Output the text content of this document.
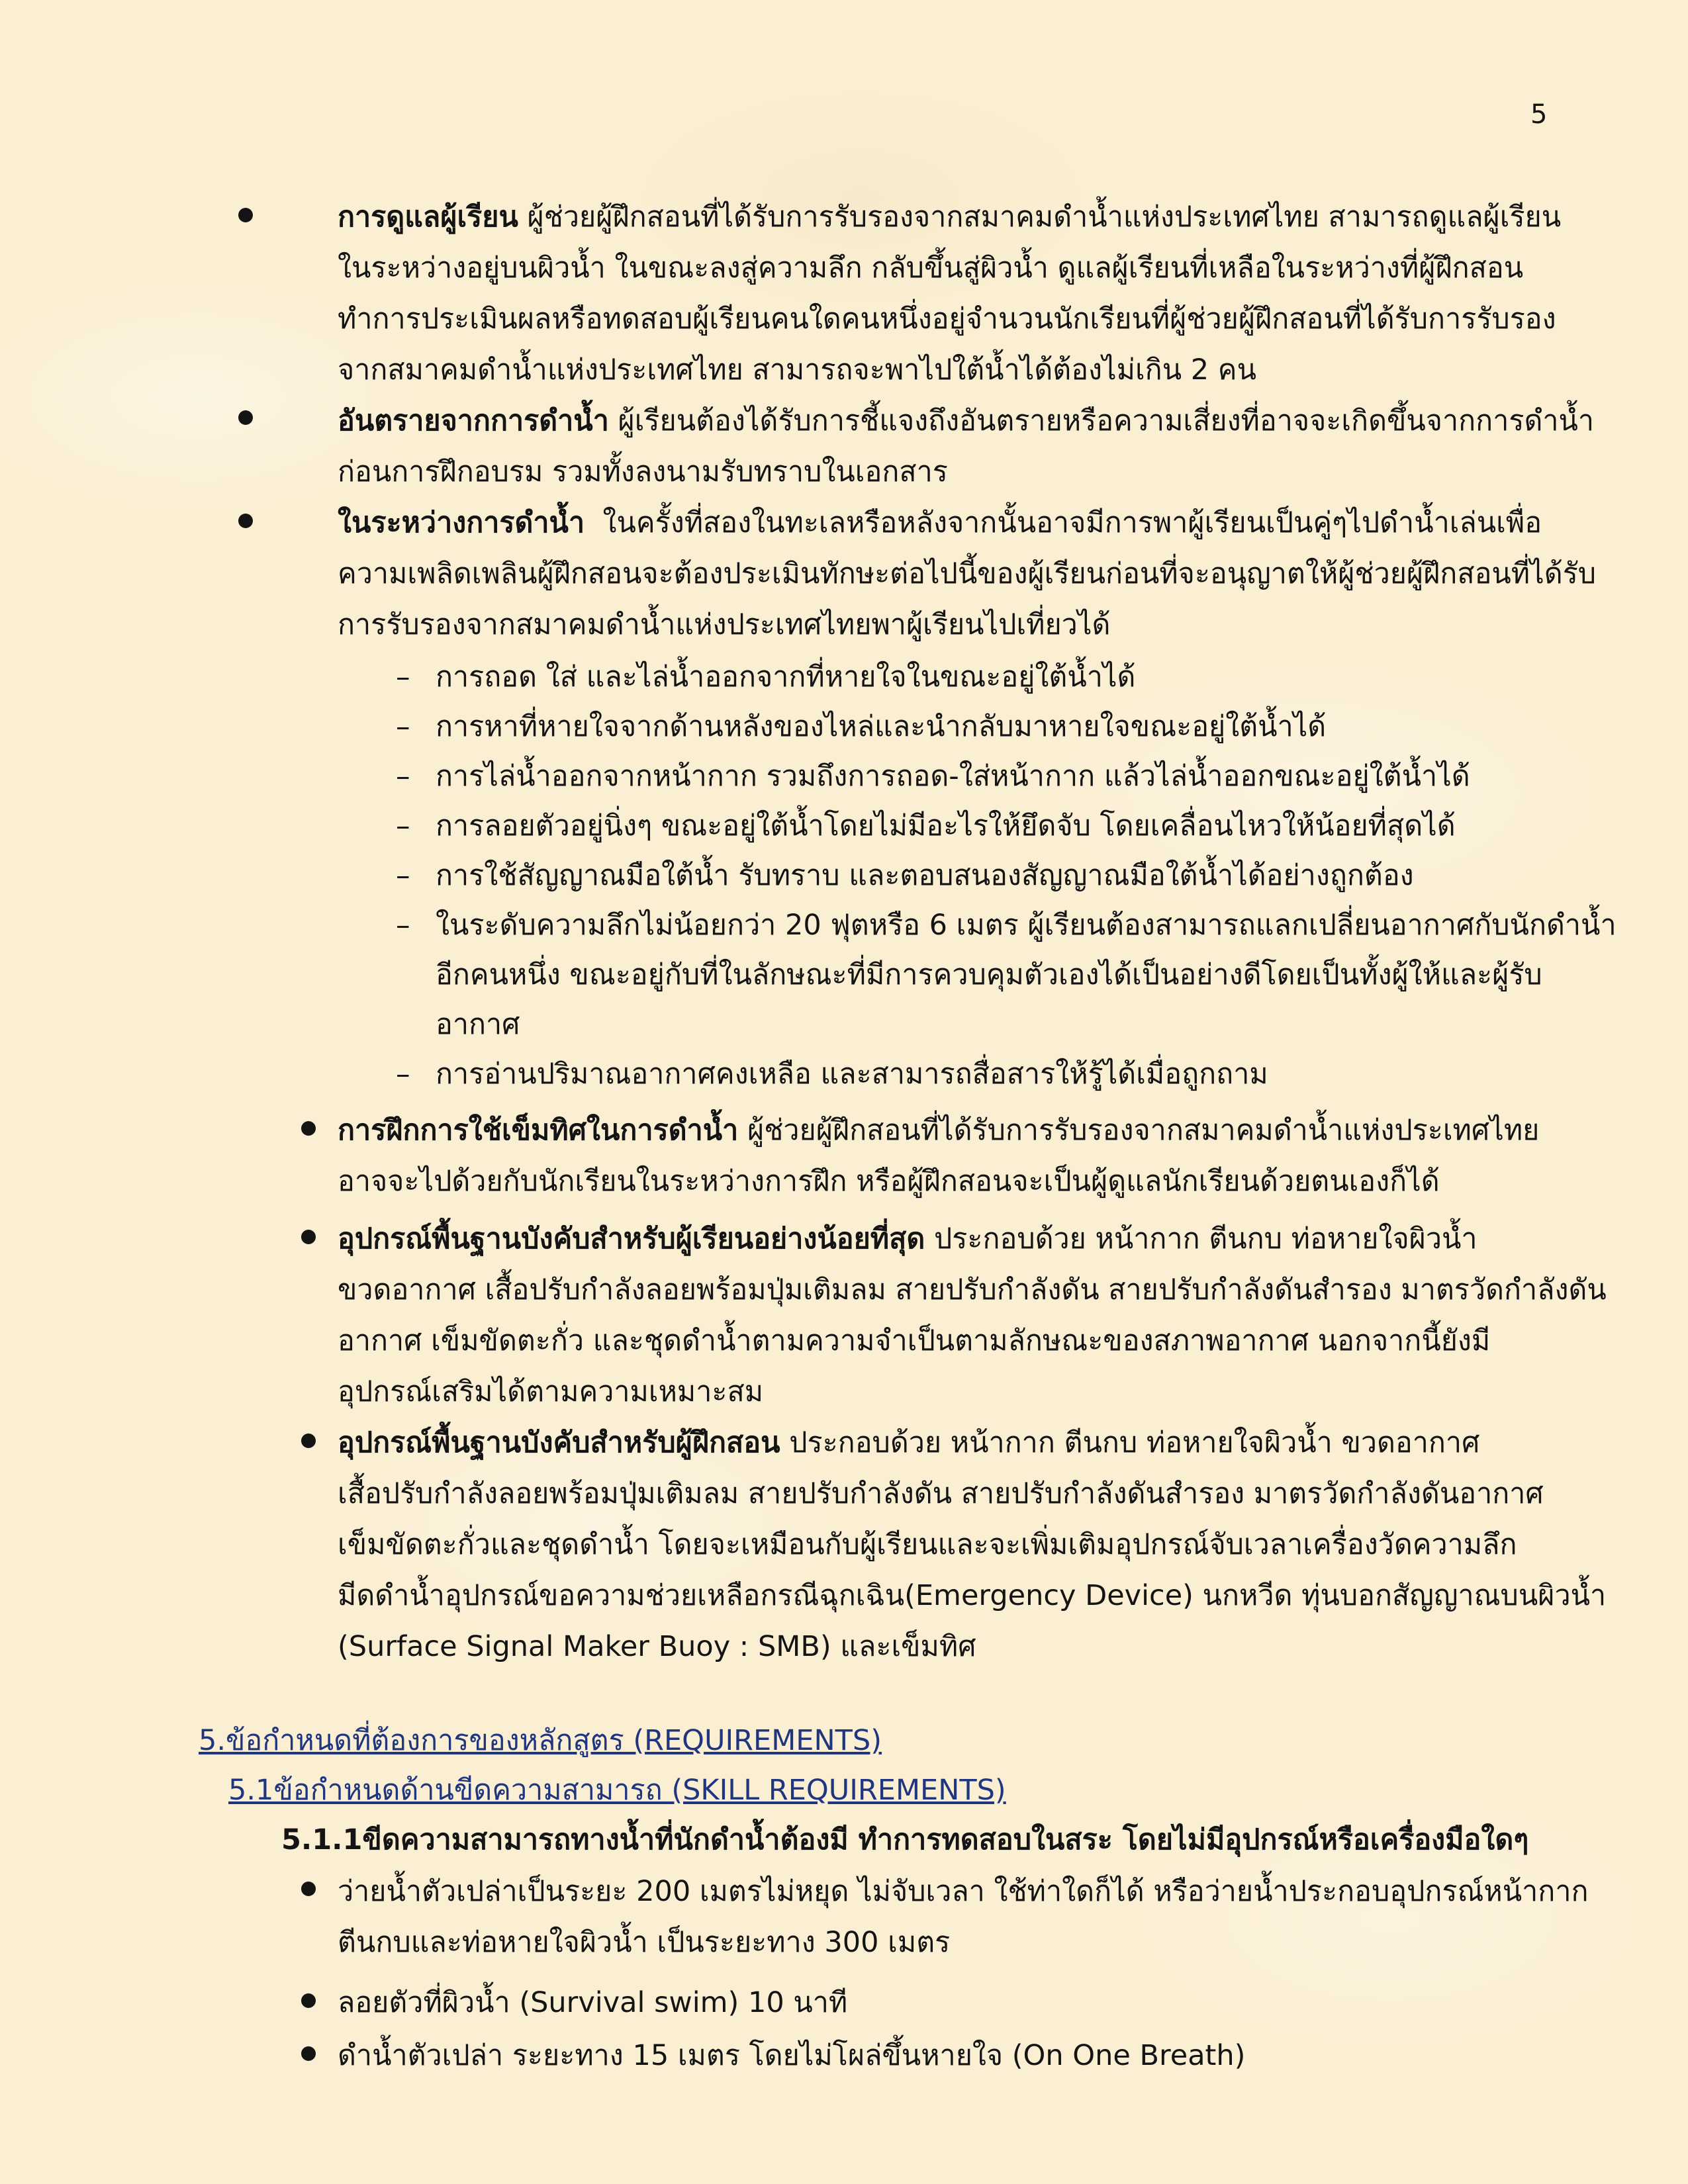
5

การดูแลผู้เรียน ผู้ช่วยผู้ฝึกสอนที่ได้รับการรับรองจากสมาคมดำน้ำแห่งประเทศไทย สามารถดูแลผู้เรียน

ในระหว่างอยู่บนผิวน้ำ ในขณะลงสู่ความลึก กลับขึ้นสู่ผิวน้ำ ดูแลผู้เรียนที่เหลือในระหว่างที่ผู้ฝึกสอน

ทำการประเมินผลหรือทดสอบผู้เรียนคนใดคนหนึ่งอยู่จำนวนนักเรียนที่ผู้ช่วยผู้ฝึกสอนที่ได้รับการรับรอง

จากสมาคมดำน้ำแห่งประเทศไทย สามารถจะพาไปใต้น้ำได้ต้องไม่เกิน 2 คน

อันตรายจากการดำน้ำ ผู้เรียนต้องได้รับการชี้แจงถึงอันตรายหรือความเสี่ยงที่อาจจะเกิดขึ้นจากการดำน้ำ

ก่อนการฝึกอบรม รวมทั้งลงนามรับทราบในเอกสาร

ในระหว่างการดำน้ำ  ในครั้งที่สองในทะเลหรือหลังจากนั้นอาจมีการพาผู้เรียนเป็นคู่ๆไปดำน้ำเล่นเพื่อ

ความเพลิดเพลินผู้ฝึกสอนจะต้องประเมินทักษะต่อไปนี้ของผู้เรียนก่อนที่จะอนุญาตให้ผู้ช่วยผู้ฝึกสอนที่ได้รับ

การรับรองจากสมาคมดำน้ำแห่งประเทศไทยพาผู้เรียนไปเที่ยวได้

– การถอด ใส่ และไล่น้ำออกจากที่หายใจในขณะอยู่ใต้น้ำได้

– การหาที่หายใจจากด้านหลังของไหล่และนำกลับมาหายใจขณะอยู่ใต้น้ำได้

– การไล่น้ำออกจากหน้ากาก รวมถึงการถอด-ใส่หน้ากาก แล้วไล่น้ำออกขณะอยู่ใต้น้ำได้

– การลอยตัวอยู่นิ่งๆ ขณะอยู่ใต้น้ำโดยไม่มีอะไรให้ยึดจับ โดยเคลื่อนไหวให้น้อยที่สุดได้

– การใช้สัญญาณมือใต้น้ำ รับทราบ และตอบสนองสัญญาณมือใต้น้ำได้อย่างถูกต้อง

– ในระดับความลึกไม่น้อยกว่า 20 ฟุตหรือ 6 เมตร ผู้เรียนต้องสามารถแลกเปลี่ยนอากาศกับนักดำน้ำ

อีกคนหนึ่ง ขณะอยู่กับที่ในลักษณะที่มีการควบคุมตัวเองได้เป็นอย่างดีโดยเป็นทั้งผู้ให้และผู้รับ

อากาศ

– การอ่านปริมาณอากาศคงเหลือ และสามารถสื่อสารให้รู้ได้เมื่อถูกถาม

การฝึกการใช้เข็มทิศในการดำน้ำ ผู้ช่วยผู้ฝึกสอนที่ได้รับการรับรองจากสมาคมดำน้ำแห่งประเทศไทย

อาจจะไปด้วยกับนักเรียนในระหว่างการฝึก หรือผู้ฝึกสอนจะเป็นผู้ดูแลนักเรียนด้วยตนเองก็ได้

อุปกรณ์พื้นฐานบังคับสำหรับผู้เรียนอย่างน้อยที่สุด ประกอบด้วย หน้ากาก ตีนกบ ท่อหายใจผิวน้ำ

ขวดอากาศ เสื้อปรับกำลังลอยพร้อมปุ่มเติมลม สายปรับกำลังดัน สายปรับกำลังดันสำรอง มาตรวัดกำลังดัน

อากาศ เข็มขัดตะกั่ว และชุดดำน้ำตามความจำเป็นตามลักษณะของสภาพอากาศ นอกจากนี้ยังมี

อุปกรณ์เสริมได้ตามความเหมาะสม

อุปกรณ์พื้นฐานบังคับสำหรับผู้ฝึกสอน ประกอบด้วย หน้ากาก ตีนกบ ท่อหายใจผิวน้ำ ขวดอากาศ

เสื้อปรับกำลังลอยพร้อมปุ่มเติมลม สายปรับกำลังดัน สายปรับกำลังดันสำรอง มาตรวัดกำลังดันอากาศ

เข็มขัดตะกั่วและชุดดำน้ำ โดยจะเหมือนกับผู้เรียนและจะเพิ่มเติมอุปกรณ์จับเวลาเครื่องวัดความลึก

มีดดำน้ำอุปกรณ์ขอความช่วยเหลือกรณีฉุกเฉิน(Emergency Device) นกหวีด ทุ่นบอกสัญญาณบนผิวน้ำ

(Surface Signal Maker Buoy : SMB) และเข็มทิศ

5.ข้อกำหนดที่ต้องการของหลักสูตร (REQUIREMENTS)
5.1ข้อกำหนดด้านขีดความสามารถ (SKILL REQUIREMENTS)
5.1.1ขีดความสามารถทางน้ำที่นักดำน้ำต้องมี ทำการทดสอบในสระ โดยไม่มีอุปกรณ์หรือเครื่องมือใดๆ

ว่ายน้ำตัวเปล่าเป็นระยะ 200 เมตรไม่หยุด ไม่จับเวลา ใช้ท่าใดก็ได้ หรือว่ายน้ำประกอบอุปกรณ์หน้ากาก

ตีนกบและท่อหายใจผิวน้ำ เป็นระยะทาง 300 เมตร

ลอยตัวที่ผิวน้ำ (Survival swim) 10 นาที

ดำน้ำตัวเปล่า ระยะทาง 15 เมตร โดยไม่โผล่ขึ้นหายใจ (On One Breath)
